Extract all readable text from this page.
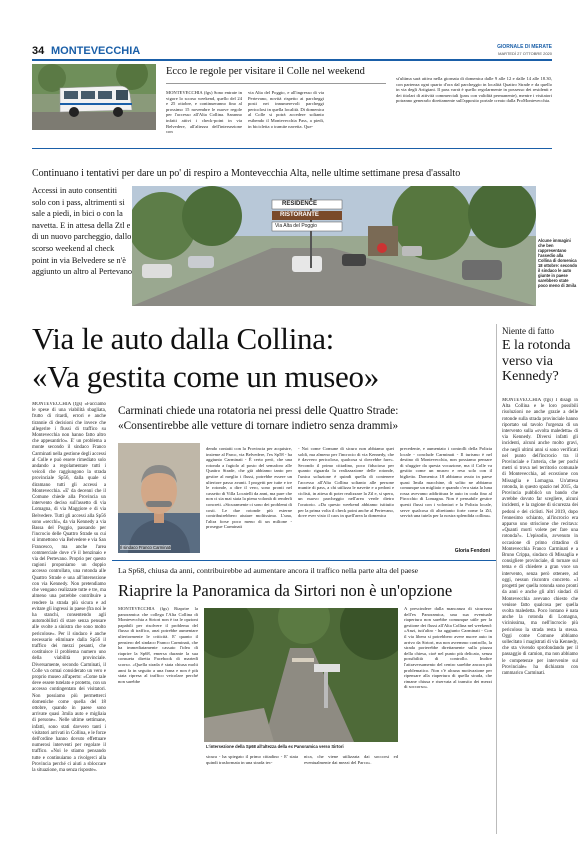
34 MONTEVECCHIA	GIORNALE DI MERATE
MARTEDÌ 27 OTTOBRE 2020
Ecco le regole per visitare il Colle nel weekend
MONTEVECCHIA (fgs) Sono entrate in vigore lo scorso weekend, quello del 24 e 25 ottobre, e continueranno fino al prossimo 15 novembre le nuove regole per l'accesso all'Alta Collina. Saranno infatti attivi i check-point in via Belvedere, all'altezza dell'intersezione con
via Alta del Poggio, e all'ingresso di via Pertevano, novità rispetto ai parcheggi posti nei innumerevoli parcheggi pericolosi in quella località. Di domenica al Colle si potrà accedere soltanto esibendo il Montevecchia Pass, a piedi, in bicicletta o tramite navetta. Que-
st'ultima sarà attiva nella giornata di domenica dalle 9 alle 12 e dalle 14 alle 18.30, con partenza ogni quarto d'ora dal parcheggio in località Quattro Strade e da quello in via degli Artigiani. Il pass varrà è quello regolarmente in possesso dei residenti e dei titolari di attività commerciali (pass con validità permanente), mentre i visitatori potranno generarlo direttamente sull'apposito portale creato dalla ProMontevecchia.
Continuano i tentativi per dare un po' di respiro a Montevecchia Alta, nelle ultime settimane presa d'assalto
Accessi in auto consentiti solo con i pass, altrimenti si sale a piedi, in bici o con la navetta. E in attesa della Ztl e di un nuovo parcheggio, dallo scorso weekend al check point in via Belvedere se n'è aggiunto un altro al Pertevano
RESIDENCE
RISTORANTE
Via Alta del Poggio
Alcune immagini che ben rappresentano l'assedio alla Collina di domenica 18 ottobre: secondo il sindaco le auto giunte in paese sarebbero state poco meno di 3mila
Via le auto dalla Collina:
«Va gestita come un museo»
Niente di fatto
E la rotonda verso via Kennedy?
MONTEVECCHIA (fgs) I disagi in Alta Collina e le loro possibili risoluzioni ne anche grazie a delle rotonde sulla strada provinciale hanno riportato sul tavolo l'urgenza di un intervento sulla «svolta maledetta» di via Kennedy. Diversi infatti gli incidenti, alcuni anche molto gravi, che negli ultimi anni si sono verificati nel punto dell'incrocio tra il Provinciale e l'arteria, che per pochi metri si trova nel territorio comunale di Montevecchia, ad eccezione con Missaglia e Lomagna. Un'attesa rotonda, in questo spazio nel 2015, da Provincia pubblicò un bando che avrebbe dovuto far scegliere, alcuni incidenti, e la ragione di sicurezza dei pedoni e dei ciclisti. Nel 2019, dopo l'ennesimo schianto, all'incrocio era apparso uno striscione che recitava: «Quanti morti volete per fare una rotonda?». L'episodio, avvenuto in occasione di primo cittadino di Montevecchia Franco Carminati e a Bruno Crippa, sindaco di Missaglia e consigliere provinciale, di tornare sul tema e di chiedere a gran voce un intervento, senza però ottenere, ad oggi, nessun riscontro concreto. «I progetti per quella rotonda sono pronti da anni e anche gli altri sindaci di Montevecchia avevano chiesto che venisse fatto qualcosa per quella svolta maledetta. Poco lontano è nata anche la rotonda di Lomagna, vicinissima, ma nell'incrocio più pericoloso la strada resta la stessa. Oggi come Comune abbiamo sollecitato i magistrati di via Kennedy, che sta vivendo sprofondando per il passaggio di camion, ma non abbiamo le competenze per intervenire sul Provinciale» ha dichiarato con rammarico Carminati.
MONTEVECCHIA (fgs) «Facciamo le spese di una viabilità sbagliata, frutto di ritardi, errori e anche tirannie di decisioni che invece che allegerire i flussi di traffico su Montevecchia non hanno fatto altro che appesantirlo». E' un problema a monte secondo il sindaco Franco Carminati nella gestione degli accessi al Colle e può essere rimediato solo andando a regolamentare tutti i veicoli che raggiungono la strada provinciale Sp56, dalla quale si diramano tutti gli accessi a Montevecchia. «E' da decenni che il Comune chiede alla Provincia un intervento deciso sull'assetto di via Lomagna, di via Maggiore e di via Belvedere. Tutti gli accessi alla Sp56 sono «secchi», da via Kennedy a via Bassa del Poggio, passando per l'incrocio delle Quattro Strade su cui si immettono via Belvedere e via San Francesco, ma anche l'area commerciale dove c'è il benzinaio e via del Pertevano. Proprio per questo ragioni proponiamo un doppio accesso controllato, una rotonda alle Quattro Strade e una all'intersezione con via Kennedy. Non pretendiamo che vengano realizzate tutte e tre, ma almeno una potrebbe contribuire a rendere la strada più sicura e ad evitare gli ingressi in paese (fra noi le ha stanchi, consentendo agli automobilisti di stare senza pensare alle svolte a sinistra che sono molto pericolose». Per il sindaco è anche necessario eliminare dalla Sp56 il traffico dei mezzi pesanti, che costituisce il problema numero uno della viabilità provinciale. Diversamente, secondo Carminati, il Colle va ormai considerato un vero e proprio museo all'aperto: «Come tale deve essere tutelato e protetto, con un accesso contingentato dei visitatori. Non possiamo più permetterci domeniche come quella del 18 ottobre, quando in paese sono arrivate quasi 3mila auto e migliaia di persone». Nelle ultime settimane, infatti, sono stati davvero tanti i visitatori arrivati in Collina, e le forze dell'ordine hanno dovuto effettuare numerosi interventi per regolare il traffico. «Noi le stiamo pensando tutte e continuiamo a rivolgerci alla Provincia perché ci aiuti a sbloccare la situazione, ma senza risposte».
Carminati chiede una rotatoria nei pressi delle Quattro Strade:
«Consentirebbe alle vetture di tornare indietro senza drammi»
Il sindaco Franco Carminati
dendo contatti con la Provincia per acquisire, insieme al Parco, via Belvedere, l'ex Sp58 - ha aggiunto Carminati - È certo però, che una rotonda a fagiolo al posto del semaforo alle Quattro Strade, che già abbiamo tanto per gestire al meglio i flussi, potrebbe essere un ulteriore passo avanti. I progetti per tutte e tre le rotonde, a dire il vero, sono pronti nel cassetto di Villa Locatelli da anni, ma pare che non ci sia mai stata la piena volontà di renderli concreti. «Sicuramente ci sono dei problemi di costi. Le due rotonde più esterne contribuirebbero aiutare moltissimo. L'una, l'altra forse poco meno di un milione - prosegue Carminati
- Noi come Comune di sicuro non abbiamo quei soldi, ma almeno per l'incrocio di via Kennedy, che è davvero pericoloso, qualcosa si dovrebbe fare». Secondo il primo cittadino, poco fiducioso per quanto riguarda la realizzazione delle rotonde, l'unica soluzione è quindi quella di contenere l'accesso all'Alta Collina soltanto alle persone munite di pass, a chi utilizza le navette e a pedoni e ciclisti, in attesa di poter realizzare la Ztl e, si spera, un nuovo parcheggio nell'area verde dietro l'oratorio. «Da questo weekend abbiamo istituito per la prima volta il check point anche al Pertevano, dove ever visto il caos in quell'area la domenica
precedente, e aumentato i controlli della Polizia locale - conclude Carminati - Il turismo è nel destino di Montevecchia, non possiamo pensare di sfuggire da questa vocazione, ma il Colle va gestito come un museo e reso solo con il biglietto. Domenica 18 abbiamo avuto in paese quasi 3mila macchine, di solito ne abbiamo comunque un migliaio e quando c'era stata la luna rossa avevamo addirittura le auto in coda fino al Pirocchio di Lomagna. Non è pensabile gestire questi flussi con i volontari e la Polizia locale, serve qualcosa di altrettanto forte come la Ztl, servirà una tutela per la nostra splendida collina».
Gloria Fendoni
La Sp68, chiusa da anni, contribuirebbe ad aumentare ancora il traffico nella parte alta del paese
Riaprire la Panoramica da Sirtori non è un'opzione
MONTEVECCHIA (fgs) Riaprire la panoramica che collega l'Alta Collina di Montevecchia a Sirtori non è tra le opzioni papabili per risolvere il problema del flusso di traffico, anzi potrebbe aumentare ulteriormente le criticità. E' quanto il pensiero del sindaco Franco Carminati, che ha immediatamente cassato l'idea di riaprire la Sp68, emersa durante la sua consueta diretta Facebook di martedì scorso. «Quella strada è stata chiusa molti anni fa in seguito a una frana e non è più stata ripresa al traffico veicolare perché non sarebbe
L'intersezione della Sp68 all'altezza della ex Panoramica verso Sirtori
sicura - ha spiegato il primo cittadino - E' stata quindi trasformata in una strada tec-
nica, che viene utilizzata dai soccorsi ed eventualmente dai mezzi del Parco».
A prescindere dalla mancanza di sicurezza dell'ex Panoramica, una sua eventuale riapertura non sarebbe comunque utile per la gestione dei flussi all'Alta Collina nel weekend: «Anzi, tutt'altro - ha aggiunto Carminati - Con il via libera si potrebbero avere nuove auto in arrivo da Sirtori, ma non avremmo controllo, la strada porterebbe direttamente sulla piazza della chiesa, cioè nel punto più delicato, senza possibilità di controllo. Inoltre l'attraversamento del centro sarebbe ancora più problematico. Non c'è alcuna motivazione per ripensare alla riapertura di quella strada, che rimane chiusa e riservata al transito dei mezzi di soccorso».
